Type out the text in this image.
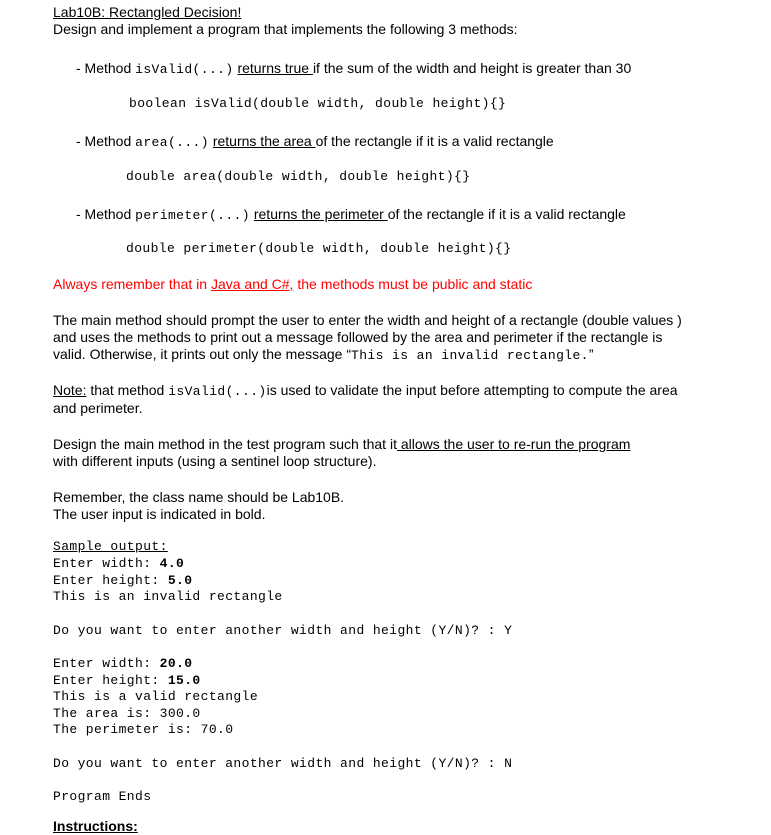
Lab10B: Rectangled Decision!
Design and implement a program that implements the following 3 methods:
- Method isValid(...) returns true if the sum of the width and height is greater than 30
boolean isValid(double width, double height){}
- Method area(...) returns the area of the rectangle if it is a valid rectangle
double area(double width, double height){}
- Method perimeter(...) returns the perimeter of the rectangle if it is a valid rectangle
double perimeter(double width, double height){}
Always remember that in Java and C#, the methods must be public and static
The main method should prompt the user to enter the width and height of a rectangle (double values )
and uses the methods to print out a message followed by the area and perimeter if the rectangle is
valid. Otherwise, it prints out only the message “This is an invalid rectangle.”
Note: that method isValid(...)is used to validate the input before attempting to compute the area
and perimeter.
Design the main method in the test program such that it allows the user to re-run the program
with different inputs (using a sentinel loop structure).
Remember, the class name should be Lab10B.
The user input is indicated in bold.
Sample output:
Enter width: 4.0
Enter height: 5.0
This is an invalid rectangle
Do you want to enter another width and height (Y/N)? : Y
Enter width: 20.0
Enter height: 15.0
This is a valid rectangle
The area is: 300.0
The perimeter is: 70.0
Do you want to enter another width and height (Y/N)? : N
Program Ends
Instructions:
